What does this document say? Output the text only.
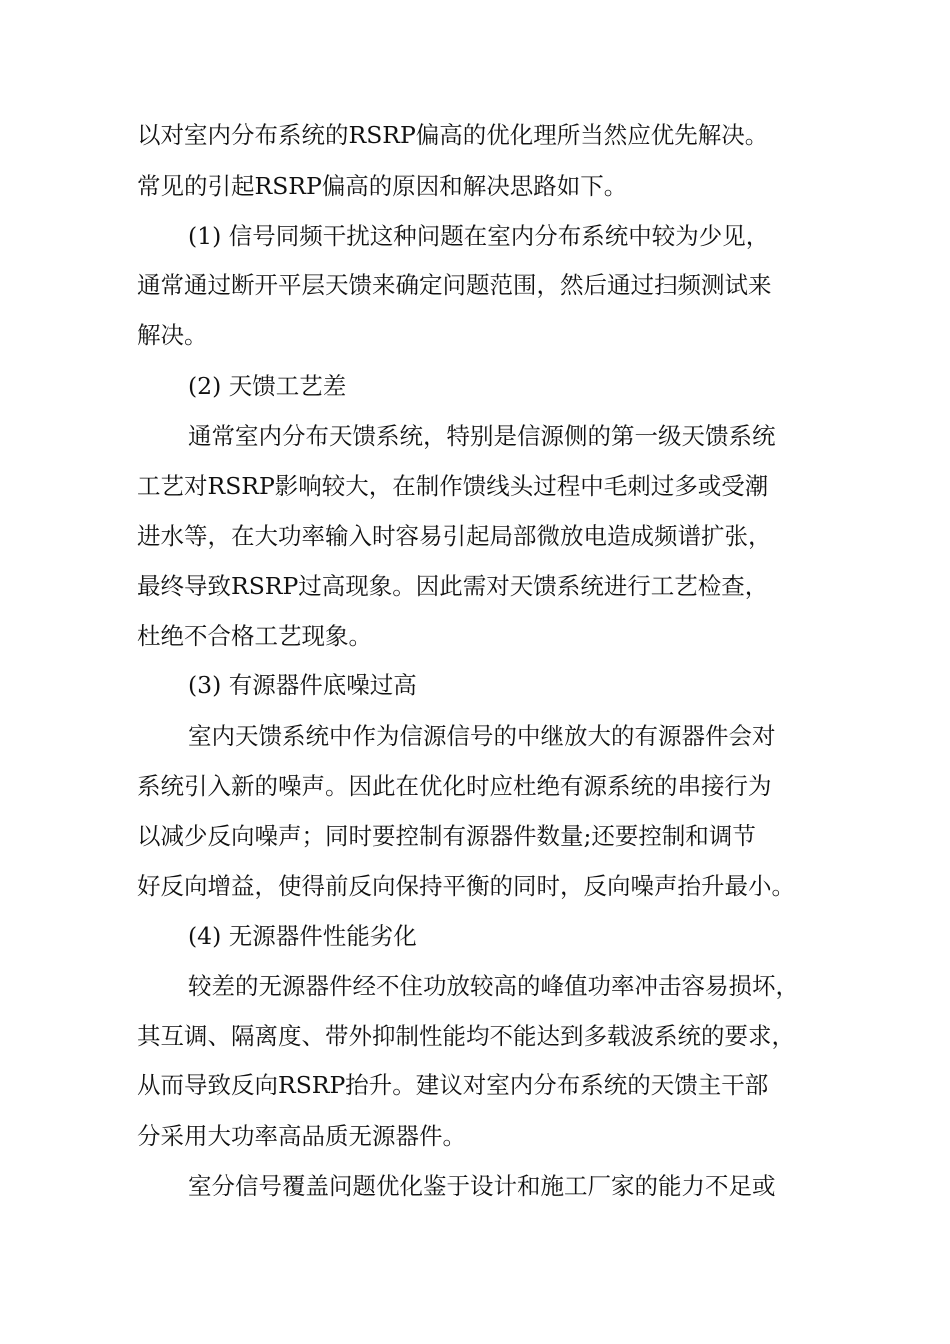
以对室内分布系统的RSRP偏高的优化理所当然应优先解决。
常见的引起RSRP偏高的原因和解决思路如下。
(1) 信号同频干扰这种问题在室内分布系统中较为少见，
通常通过断开平层天馈来确定问题范围，然后通过扫频测试来
解决。
(2) 天馈工艺差
通常室内分布天馈系统，特别是信源侧的第一级天馈系统
工艺对RSRP影响较大，在制作馈线头过程中毛刺过多或受潮
进水等，在大功率输入时容易引起局部微放电造成频谱扩张，
最终导致RSRP过高现象。因此需对天馈系统进行工艺检查，
杜绝不合格工艺现象。
(3) 有源器件底噪过高
室内天馈系统中作为信源信号的中继放大的有源器件会对
系统引入新的噪声。因此在优化时应杜绝有源系统的串接行为
以减少反向噪声；同时要控制有源器件数量;还要控制和调节
好反向增益，使得前反向保持平衡的同时，反向噪声抬升最小。
(4) 无源器件性能劣化
较差的无源器件经不住功放较高的峰值功率冲击容易损坏，
其互调、隔离度、带外抑制性能均不能达到多载波系统的要求，
从而导致反向RSRP抬升。建议对室内分布系统的天馈主干部
分采用大功率高品质无源器件。
室分信号覆盖问题优化鉴于设计和施工厂家的能力不足或
